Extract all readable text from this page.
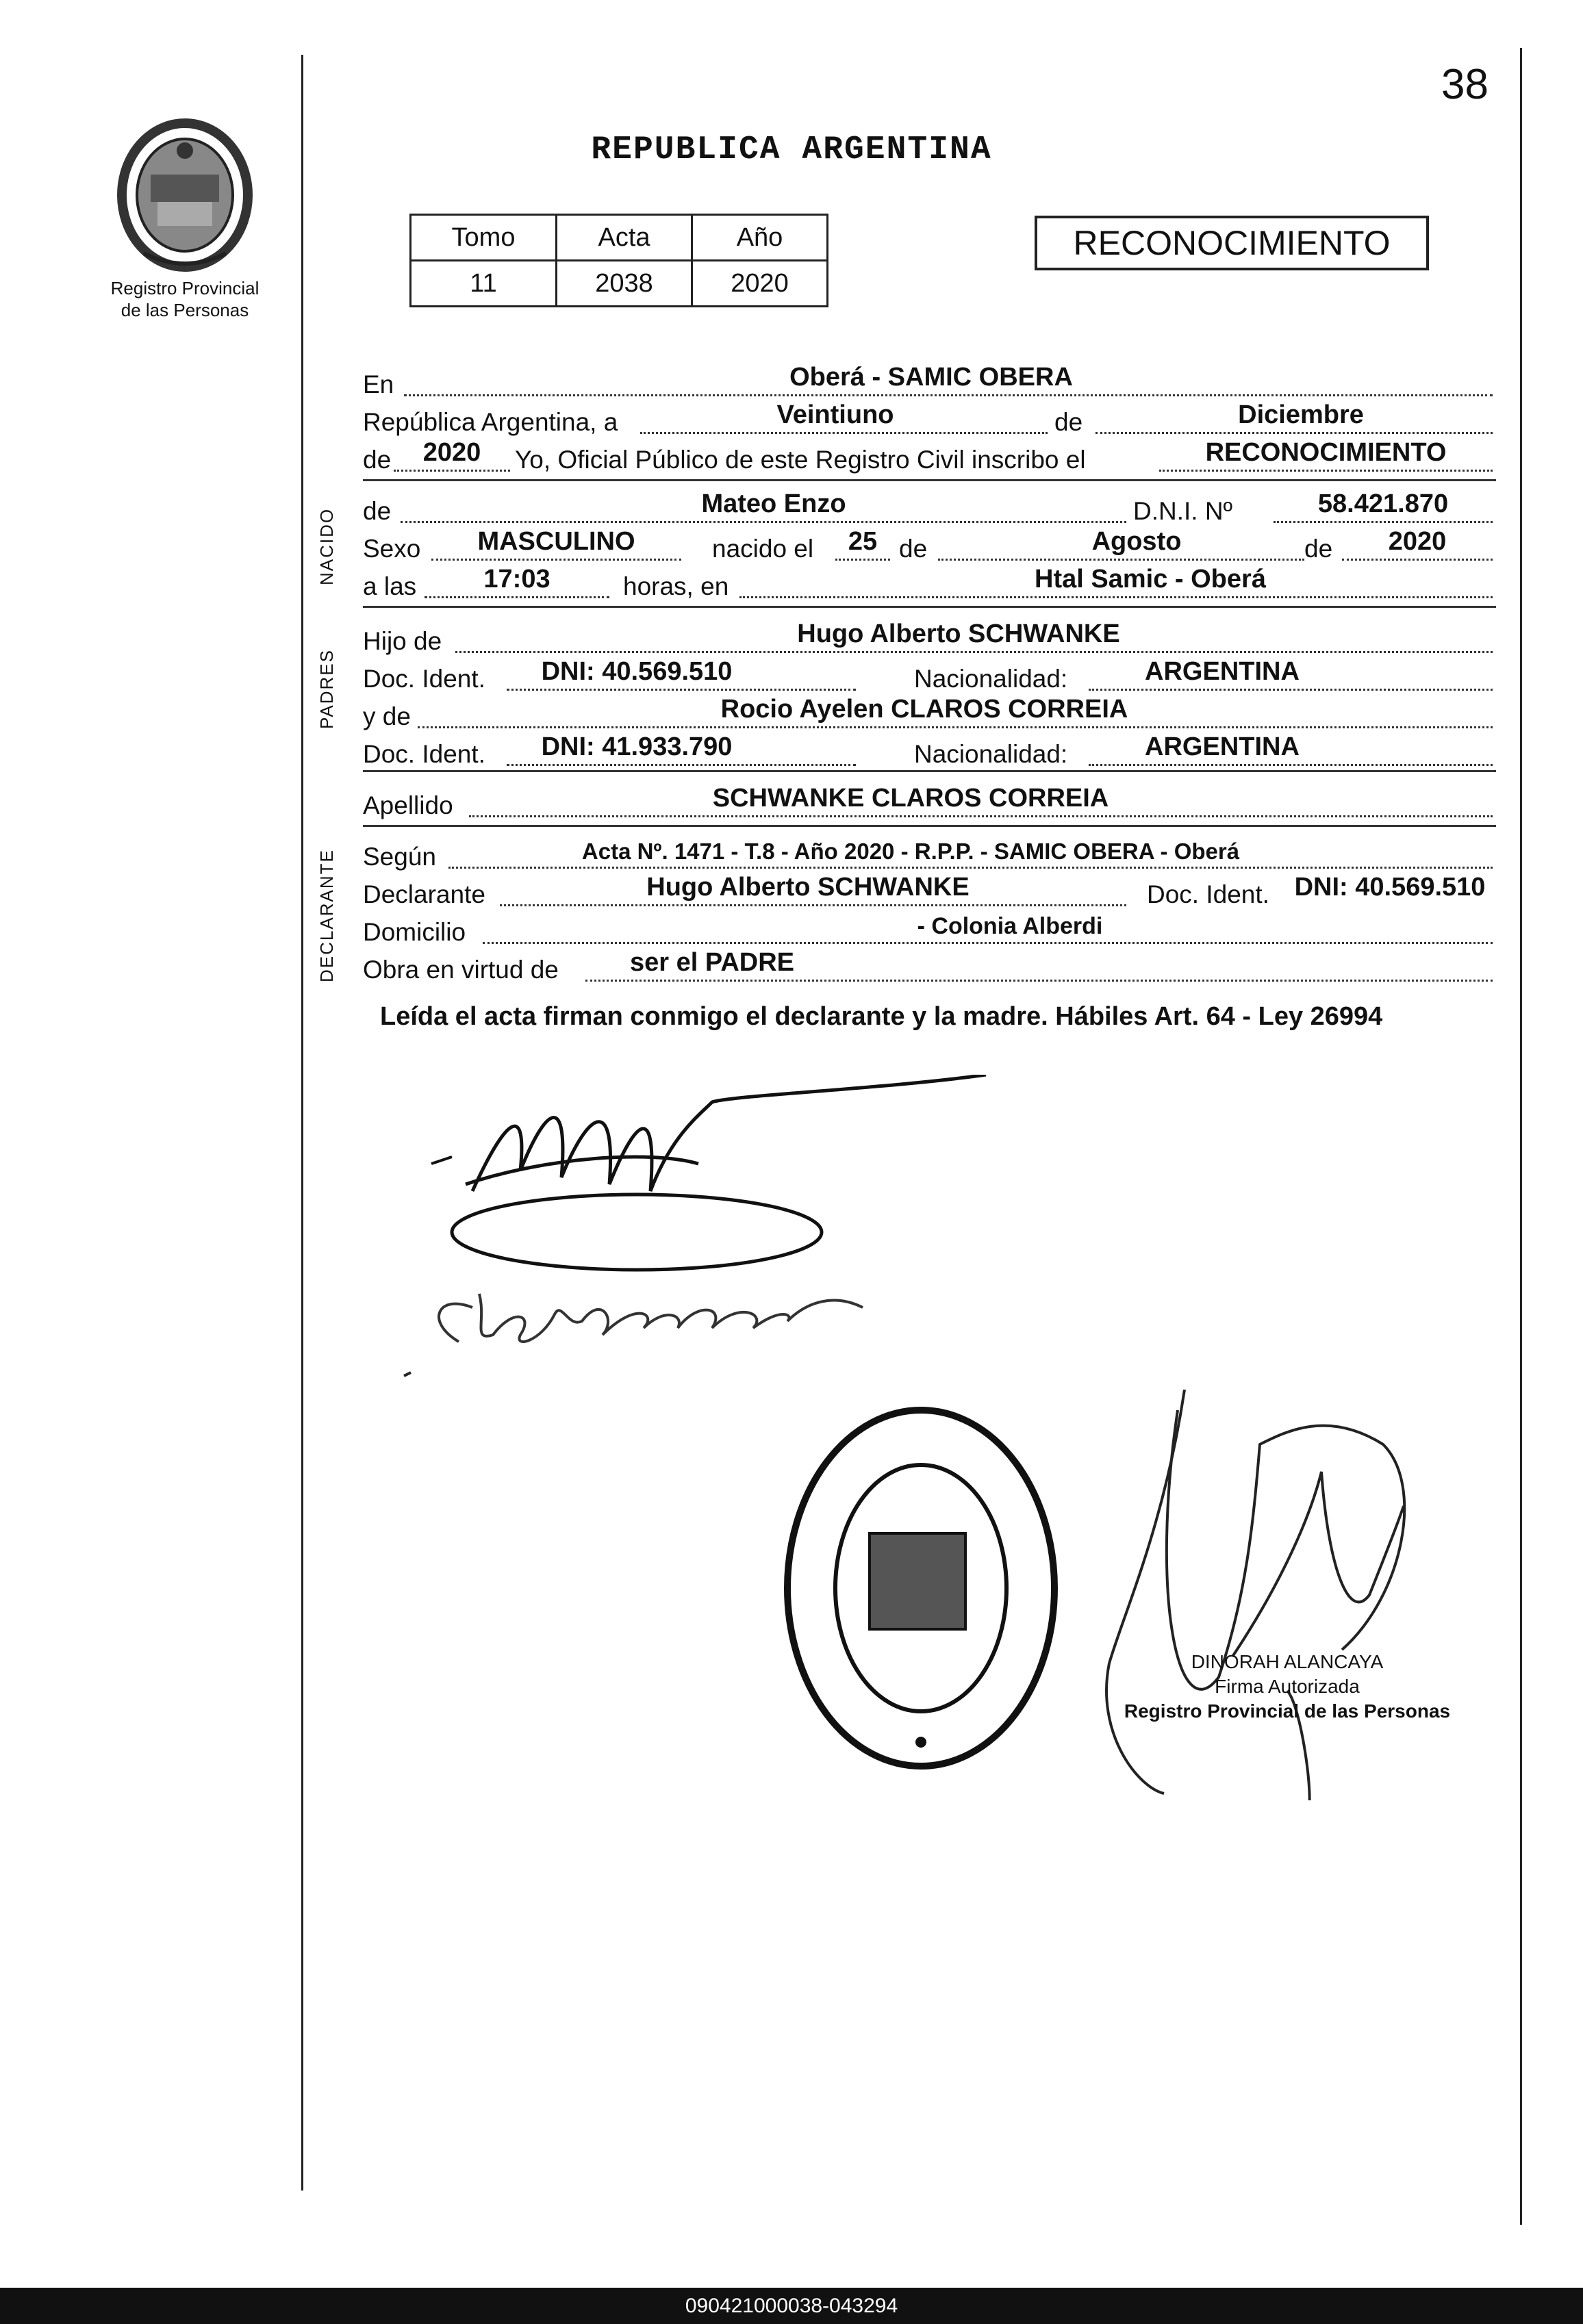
38
REPUBLICA ARGENTINA
Registro Provincial
de las Personas
Tomo	Acta	Año
11	2038	2020
RECONOCIMIENTO
NACIDO
PADRES
DECLARANTE
En	Oberá - SAMIC OBERA
República Argentina, a	Veintiuno	de	Diciembre
de	2020	Yo, Oficial Público de este Registro Civil inscribo el	RECONOCIMIENTO
de	Mateo Enzo	D.N.I. Nº	58.421.870
Sexo	MASCULINO	nacido el	25 de	Agosto	de	2020
a las	17:03	horas, en	Htal Samic - Oberá
Hijo de	Hugo Alberto SCHWANKE
Doc. Ident.	DNI: 40.569.510	Nacionalidad:	ARGENTINA
y de	Rocio Ayelen CLAROS CORREIA
Doc. Ident.	DNI: 41.933.790	Nacionalidad:	ARGENTINA
Apellido	SCHWANKE CLAROS CORREIA
Según	Acta Nº. 1471 - T.8 - Año 2020 - R.P.P. - SAMIC OBERA - Oberá
Declarante	Hugo Alberto SCHWANKE	Doc. Ident. DNI: 40.569.510
Domicilio	- Colonia Alberdi
Obra en virtud de	ser el PADRE
Leída el acta firman conmigo el declarante y la madre. Hábiles Art. 64 - Ley 26994
DINORAH ALANCAYA
Firma Autorizada
Registro Provincial de las Personas
090421000038-043294
